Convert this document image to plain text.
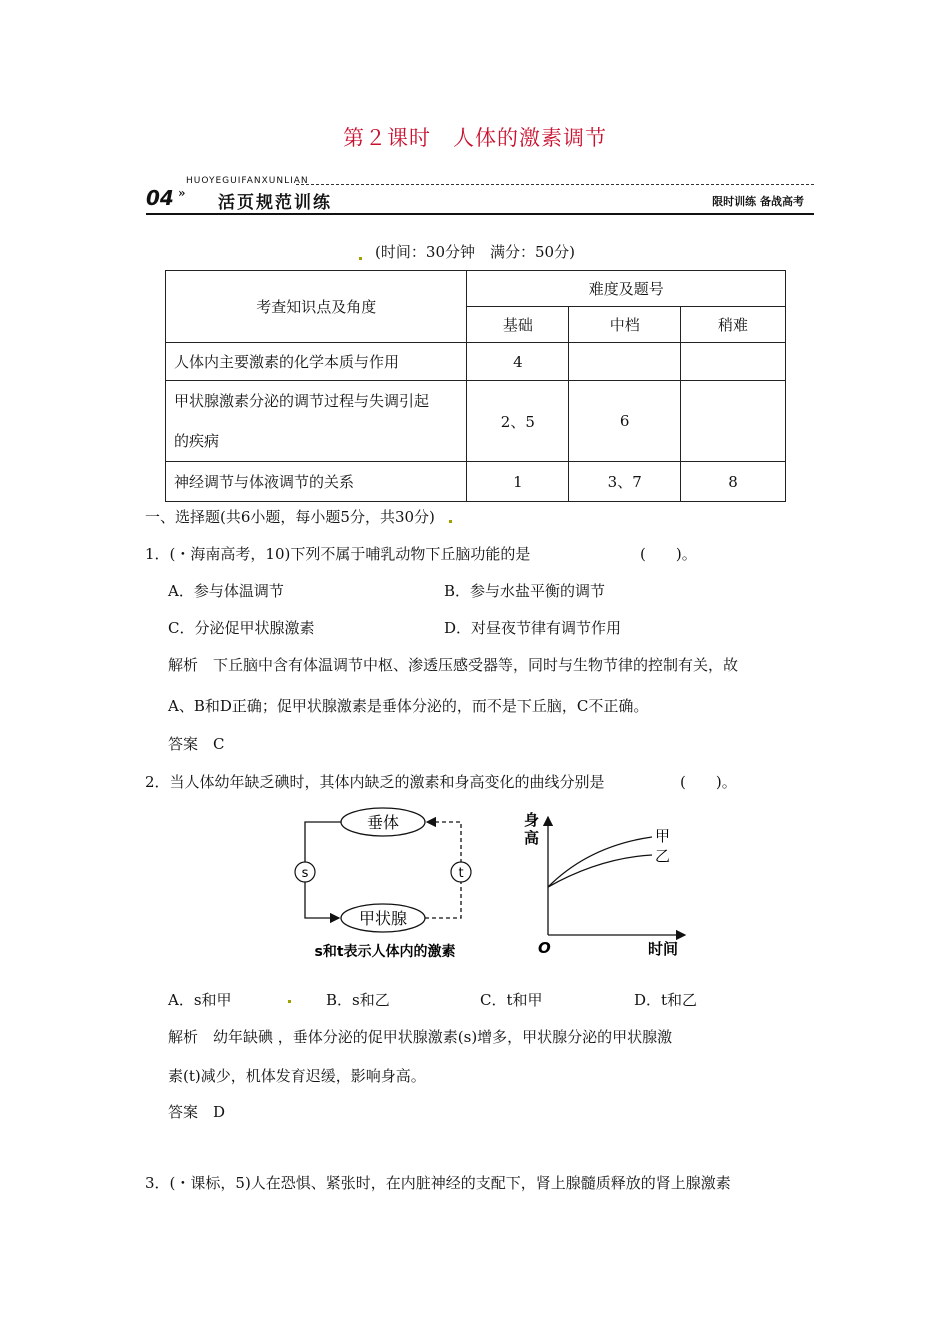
第２课时　人体的激素调节
HUOYEGUIFANXUNLIAN
04 » 活页规范训练	限时训练 备战高考
(时间：30分钟　满分：50分)
考查知识点及角度	难度及题号		
	基础	中档	稍难
人体内主要激素的化学本质与作用	4		

甲状腺激素分泌的调节过程与失调引起
的疾病	2、5	6	
神经调节与体液调节的关系	1	3、7	8
一、选择题(共6小题，每小题5分，共30分)
1．(・海南高考，10)下列不属于哺乳动物下丘脑功能的是	(　　)。
A．参与体温调节	B．参与水盐平衡的调节
C．分泌促甲状腺激素	D．对昼夜节律有调节作用
解析　下丘脑中含有体温调节中枢、渗透压感受器等，同时与生物节律的控制有关，故
A、B和D正确；促甲状腺激素是垂体分泌的，而不是下丘脑，C不正确。
答案　C
2．当人体幼年缺乏碘时，其体内缺乏的激素和身高变化的曲线分别是	(　　)。
垂体
甲状腺
s	t
s和t表示人体内的激素
身
高	甲
乙
O	时间
A．s和甲	B．s和乙	C．t和甲	D．t和乙
解析　幼年缺碘 ，垂体分泌的促甲状腺激素(s)增多，甲状腺分泌的甲状腺激
素(t)减少，机体发育迟缓，影响身高。
答案　D
3．(・课标，5)人在恐惧、紧张时，在内脏神经的支配下，肾上腺髓质释放的肾上腺激素
